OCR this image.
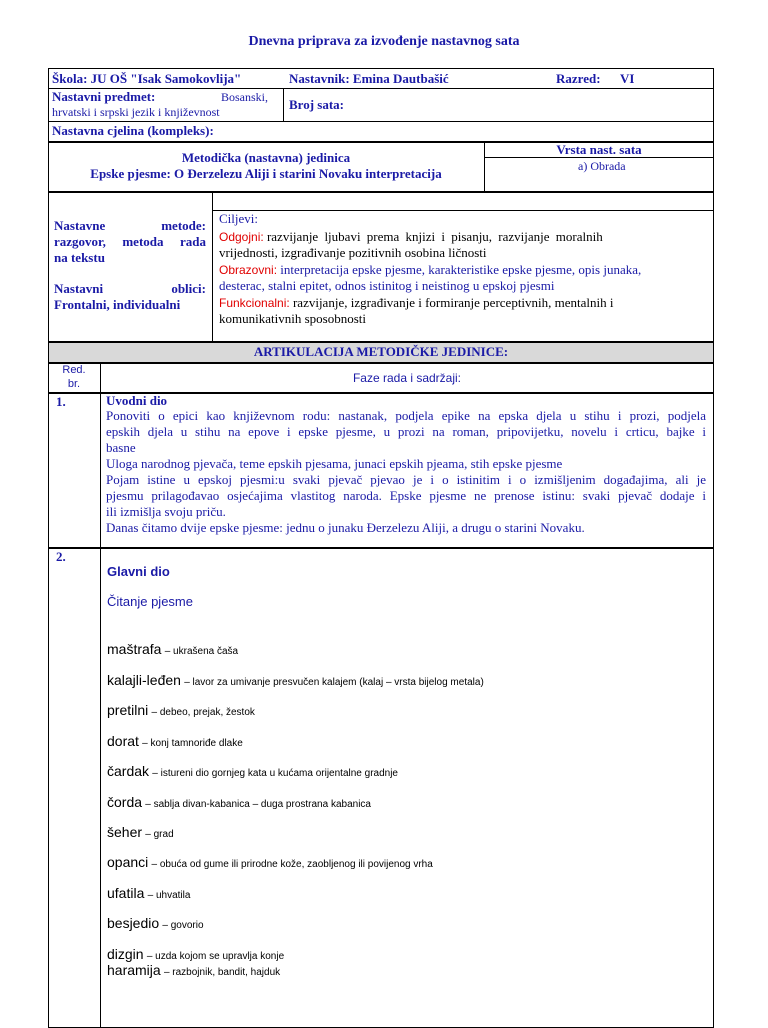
Dnevna priprava za izvođenje nastavnog sata
Škola: JU OŠ "Isak Samokovlija"	Nastavnik: Emina Dautbašić	Razred: VI
Nastavni predmet:	Bosanski,
hrvatski i srpski jezik i književnost	Broj sata:
Nastavna cjelina (kompleks):
Metodička (nastavna) jedinica
Epske pjesme: O Đerzelezu Aliji i starini Novaku interpretacija
Vrsta nast. sata
a) Obrada
Nastavne metode:
razgovor, metoda rada
na tekstu
Nastavni oblici:
Frontalni, individualni
Ciljevi:
Odgojni: razvijanje ljubavi prema knjizi i pisanju, razvijanje moralnih
vrijednosti, izgrađivanje pozitivnih osobina ličnosti
Obrazovni: interpretacija epske pjesme, karakteristike epske pjesme, opis junaka,
desterac, stalni epitet, odnos istinitog i neistinog u epskoj pjesmi
Funkcionalni: razvijanje, izgrađivanje i formiranje perceptivnih, mentalnih i
komunikativnih sposobnosti
ARTIKULACIJA METODIČKE JEDINICE:
Red.
br.	Faze rada i sadržaji:
1.	Uvodni dio
Ponoviti o epici kao književnom rodu: nastanak, podjela epike na epska djela u stihu i prozi, podjela
epskih djela u stihu na epove i epske pjesme, u prozi na roman, pripovijetku, novelu i crticu, bajke i
basne
Uloga narodnog pjevača, teme epskih pjesama, junaci epskih pjeama, stih epske pjesme
Pojam istine u epskoj pjesmi:u svaki pjevač pjevao je i o istinitim i o izmišljenim događajima, ali je
pjesmu prilagođavao osjećajima vlastitog naroda. Epske pjesme ne prenose istinu: svaki pjevač dodaje i
ili izmišlja svoju priču.
Danas čitamo dvije epske pjesme: jednu o junaku Đerzelezu Aliji, a drugu o starini Novaku.
2.
Glavni dio
Čitanje pjesme
maštrafa – ukrašena čaša
kalajli-leđen – lavor za umivanje presvučen kalajem (kalaj – vrsta bijelog metala)
pretilni – debeo, prejak, žestok
dorat – konj tamnoriđe dlake
čardak – istureni dio gornjeg kata u kućama orijentalne gradnje
čorda – sablja divan-kabanica – duga prostrana kabanica
šeher – grad
opanci – obuća od gume ili prirodne kože, zaobljenog ili povijenog vrha
ufatila – uhvatila
besjedio – govorio
dizgin – uzda kojom se upravlja konje
haramija – razbojnik, bandit, hajduk
